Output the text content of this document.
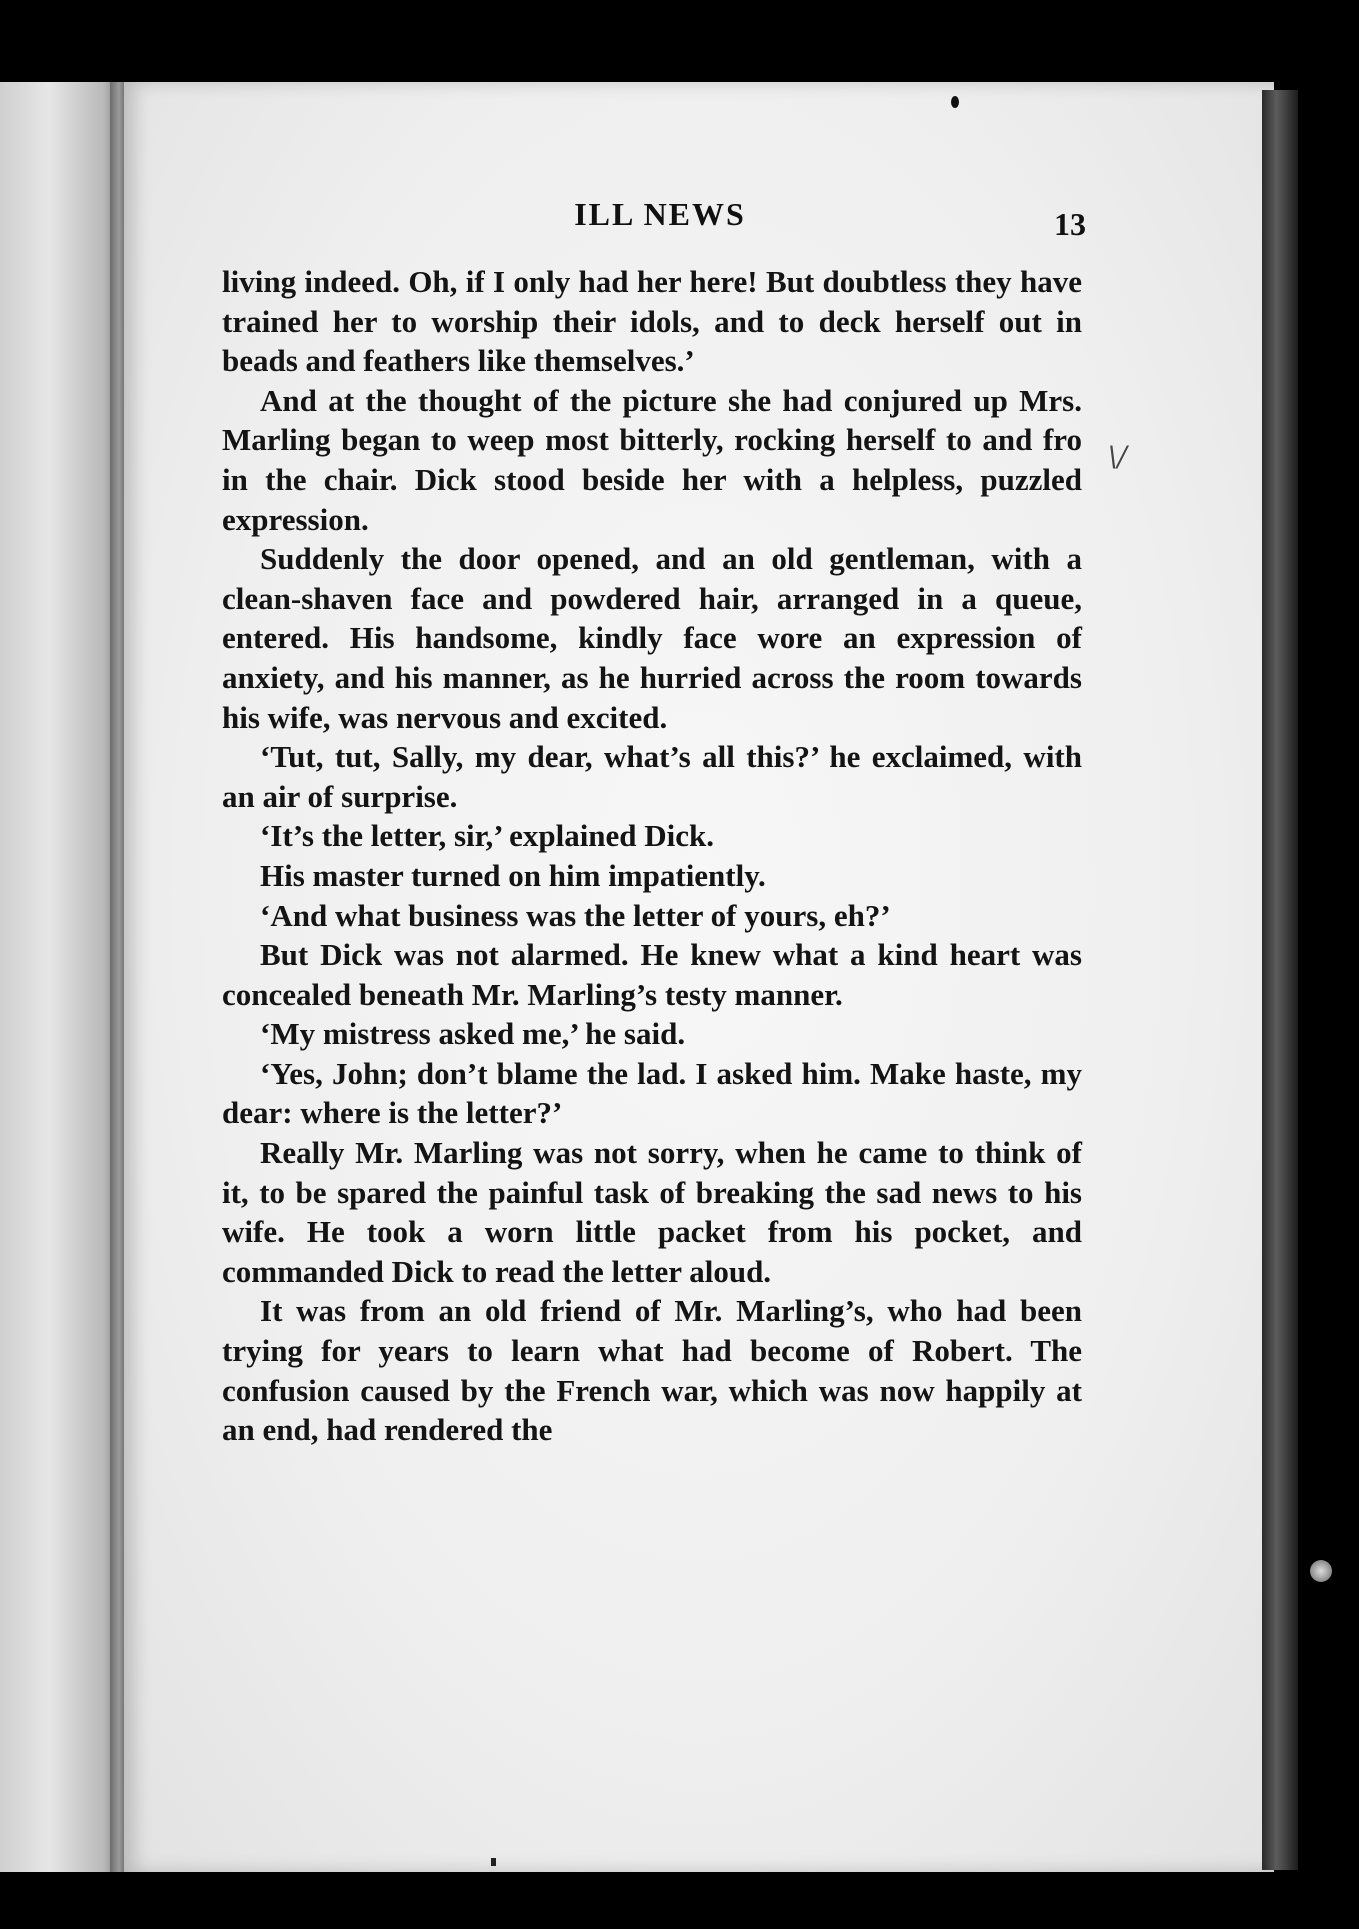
\/
ILL NEWS	13

living indeed. Oh, if I only had her here! But doubtless they have trained her to worship their idols, and to deck herself out in beads and feathers like themselves.’

And at the thought of the picture she had conjured up Mrs. Marling began to weep most bitterly, rocking herself to and fro in the chair. Dick stood beside her with a helpless, puzzled expression.

Suddenly the door opened, and an old gentleman, with a clean-shaven face and powdered hair, arranged in a queue, entered. His handsome, kindly face wore an expression of anxiety, and his manner, as he hurried across the room towards his wife, was nervous and excited.

‘Tut, tut, Sally, my dear, what’s all this?’ he exclaimed, with an air of surprise.

‘It’s the letter, sir,’ explained Dick.

His master turned on him impatiently.

‘And what business was the letter of yours, eh?’

But Dick was not alarmed. He knew what a kind heart was concealed beneath Mr. Marling’s testy manner.

‘My mistress asked me,’ he said.

‘Yes, John; don’t blame the lad. I asked him. Make haste, my dear: where is the letter?’

Really Mr. Marling was not sorry, when he came to think of it, to be spared the painful task of breaking the sad news to his wife. He took a worn little packet from his pocket, and commanded Dick to read the letter aloud.

It was from an old friend of Mr. Marling’s, who had been trying for years to learn what had become of Robert. The confusion caused by the French war, which was now happily at an end, had rendered the
